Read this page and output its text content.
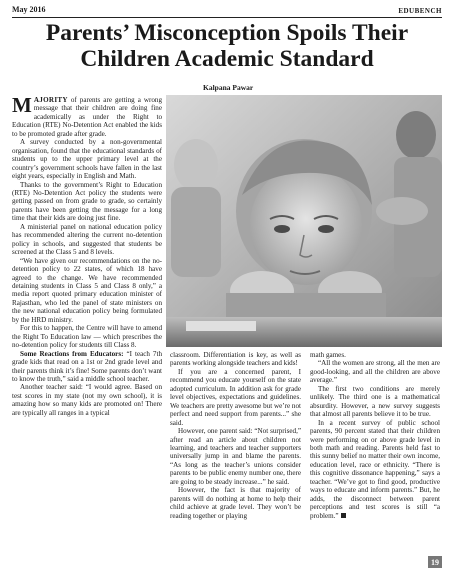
May 2016	EDUBENCH
Parents’ Misconception Spoils Their Children Academic Standard
Kalpana Pawar

MAJORITY of parents are getting a wrong message that their children are doing fine academically as under the Right to Education (RTE) No-Detention Act enabled the kids to be promoted grade after grade.

A survey conducted by a non-governmental organisation, found that the educational standards of students up to the upper primary level at the country’s government schools have fallen in the last eight years, especially in English and Math.

Thanks to the government’s Right to Education (RTE) No-Detention Act policy the students were getting passed on from grade to grade, so certainly parents have been getting the message for a long time that their kids are doing just fine.

A ministerial panel on national education policy has recommended altering the current no-detention policy in schools, and suggested that students be screened at the Class 5 and 8 levels.

“We have given our recommendations on the no-detention policy to 22 states, of which 18 have agreed to the change. We have recommended detaining students in Class 5 and Class 8 only,” a media report quoted primary education minister of Rajasthan, who led the panel of state ministers on the new national education policy being formulated by the HRD ministry.

For this to happen, the Centre will have to amend the Right To Education law — which prescribes the no-detention policy for students till Class 8.

Some Reactions from Educators: “I teach 7th grade kids that read on a 1st or 2nd grade level and their parents think it’s fine! Some parents don’t want to know the truth,” said a middle school teacher.

Another teacher said: “I would agree. Based on test scores in my state (not my own school), it is amazing how so many kids are promoted on! There are typically all ranges in a typical

classroom. Differentiation is key, as well as parents working alongside teachers and kids!

If you are a concerned parent, I recommend you educate yourself on the state adopted curriculum. In addition ask for grade level objectives, expectations and guidelines. We teachers are pretty awesome but we’re not perfect and need support from parents...” she said.

However, one parent said: “Not surprised,” after read an article about children not learning, and teachers and teacher supporters universally jump in and blame the parents. “As long as the teacher’s unions consider parents to be public enemy number one, there are going to be steady increase...” he said.

However, the fact is that majority of parents will do nothing at home to help their child achieve at grade level. They won’t be reading together or playing

math games.

“All the women are strong, all the men are good-looking, and all the children are above average.”

The first two conditions are merely unlikely. The third one is a mathematical absurdity. However, a new survey suggests that almost all parents believe it to be true.

In a recent survey of public school parents, 90 percent stated that their children were performing on or above grade level in both math and reading. Parents held fast to this sunny belief no matter their own income, education level, race or ethnicity. “There is this cognitive dissonance happening,” says a teacher. “We’ve got to find good, productive ways to educate and inform parents.” But, he adds, the disconnect between parent perceptions and test scores is still “a problem.”

19
